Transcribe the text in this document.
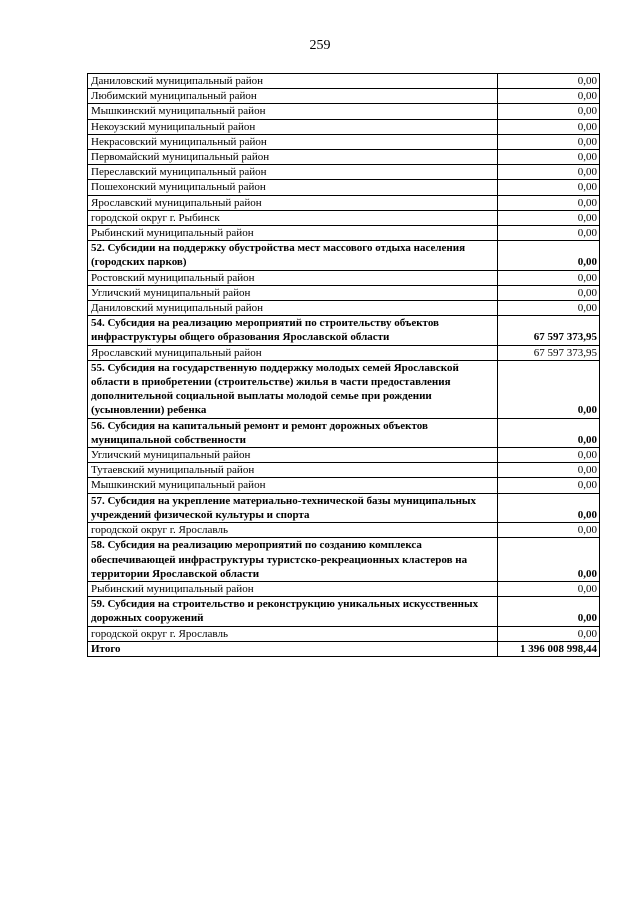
259
Даниловский муниципальный район	0,00
Любимский муниципальный район	0,00
Мышкинский муниципальный район	0,00
Некоузский муниципальный район	0,00
Некрасовский муниципальный район	0,00
Первомайский муниципальный район	0,00
Переславский муниципальный район	0,00
Пошехонский муниципальный район	0,00
Ярославский муниципальный район	0,00
городской округ г. Рыбинск	0,00
Рыбинский муниципальный район	0,00
52. Субсидии на поддержку обустройства мест массового отдыха населения (городских парков)	0,00
Ростовский муниципальный район	0,00
Угличский муниципальный район	0,00
Даниловский муниципальный район	0,00
54. Субсидия на реализацию мероприятий по строительству объектов инфраструктуры общего образования Ярославской области	67 597 373,95
Ярославский муниципальный район	67 597 373,95
55. Субсидия на государственную поддержку молодых семей Ярославской области в приобретении (строительстве) жилья в части предоставления дополнительной социальной выплаты молодой семье при рождении (усыновлении) ребенка	0,00
56. Субсидия на капитальный ремонт и ремонт дорожных объектов муниципальной собственности	0,00
Угличский муниципальный район	0,00
Тутаевский муниципальный район	0,00
Мышкинский муниципальный район	0,00
57. Субсидия на укрепление материально-технической базы муниципальных учреждений физической культуры и спорта	0,00
городской округ г. Ярославль	0,00
58. Субсидия на реализацию мероприятий по созданию комплекса обеспечивающей инфраструктуры туристско-рекреационных кластеров на территории Ярославской области	0,00
Рыбинский муниципальный район	0,00
59. Субсидия на строительство и реконструкцию уникальных искусственных дорожных сооружений	0,00
городской округ г. Ярославль	0,00
Итого	1 396 008 998,44
